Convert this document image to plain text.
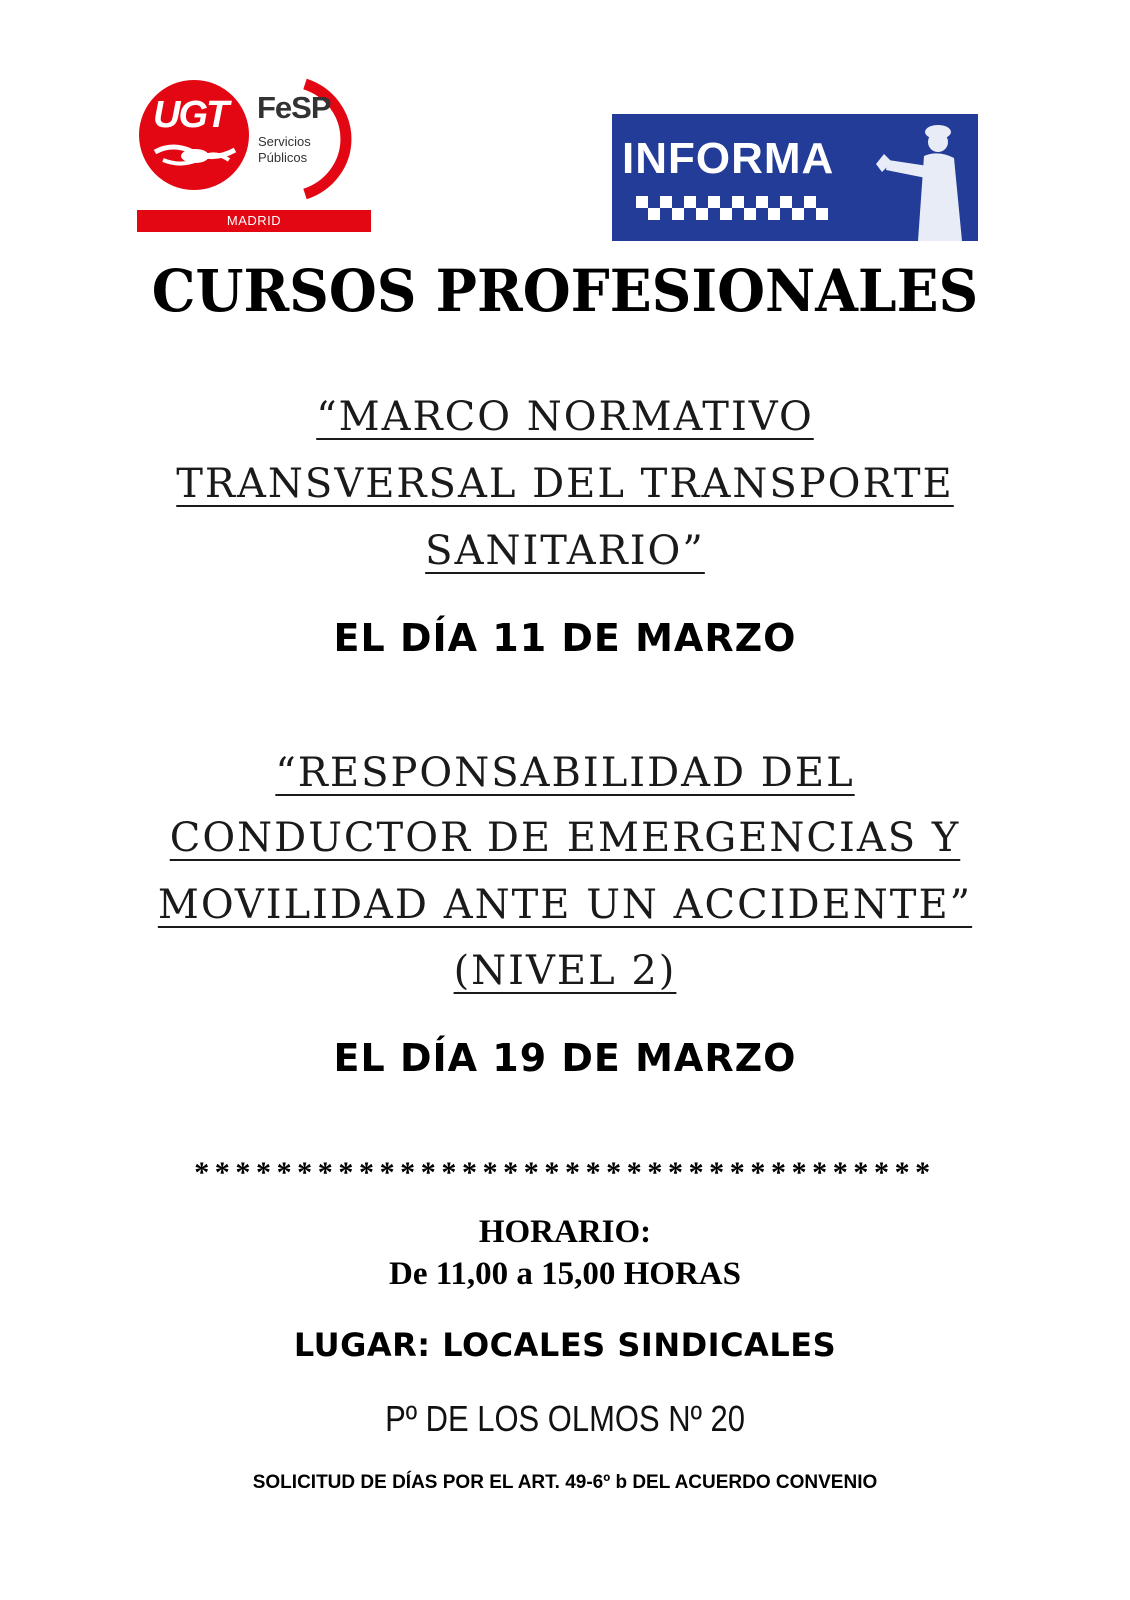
UGT FeSP
Servicios
Públicos
MADRID
INFORMA
CURSOS PROFESIONALES
“MARCO NORMATIVO
TRANSVERSAL DEL TRANSPORTE
SANITARIO”
EL DÍA 11 DE MARZO
“RESPONSABILIDAD DEL
CONDUCTOR DE EMERGENCIAS Y
MOVILIDAD ANTE UN ACCIDENTE”
(NIVEL 2)
EL DÍA 19 DE MARZO
************************************
HORARIO:
De 11,00 a 15,00 HORAS
LUGAR: LOCALES SINDICALES
Pº DE LOS OLMOS Nº 20
SOLICITUD DE DÍAS POR EL ART. 49-6º b DEL ACUERDO CONVENIO
